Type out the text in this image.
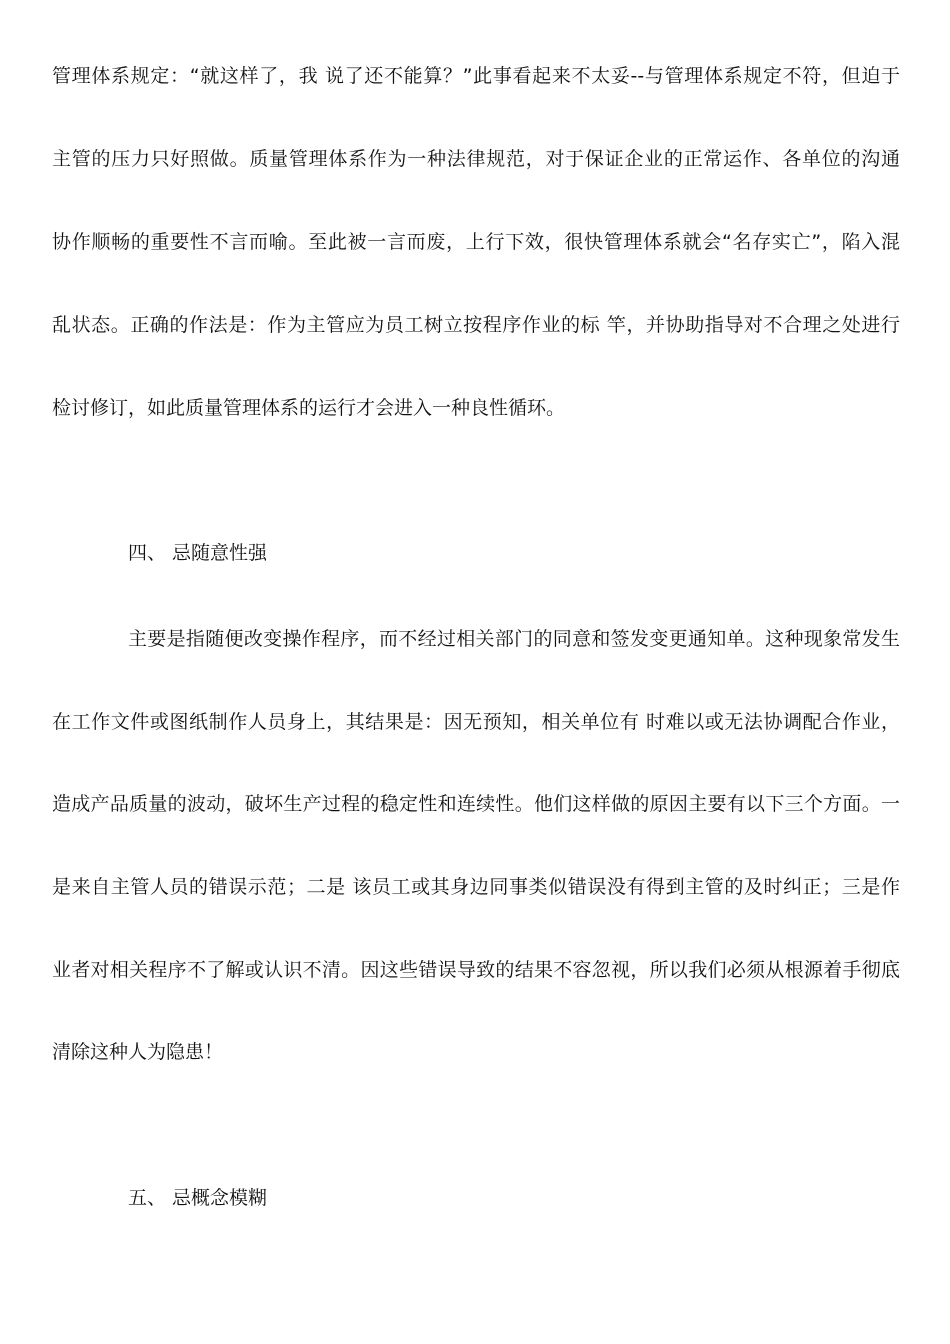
管理体系规定：“就这样了，我 说了还不能算？”此事看起来不太妥--与管理体系规定不符，但迫于
主管的压力只好照做。质量管理体系作为一种法律规范，对于保证企业的正常运作、各单位的沟通
协作顺畅的重要性不言而喻。至此被一言而废，上行下效，很快管理体系就会“名存实亡”，陷入混
乱状态。正确的作法是：作为主管应为员工树立按程序作业的标 竿，并协助指导对不合理之处进行
检讨修订，如此质量管理体系的运行才会进入一种良性循环。
四、 忌随意性强
主要是指随便改变操作程序，而不经过相关部门的同意和签发变更通知单。这种现象常发生
在工作文件或图纸制作人员身上，其结果是：因无预知，相关单位有 时难以或无法协调配合作业，
造成产品质量的波动，破坏生产过程的稳定性和连续性。他们这样做的原因主要有以下三个方面。一
是来自主管人员的错误示范；二是 该员工或其身边同事类似错误没有得到主管的及时纠正；三是作
业者对相关程序不了解或认识不清。因这些错误导致的结果不容忽视，所以我们必须从根源着手彻底
清除这种人为隐患！
五、 忌概念模糊
